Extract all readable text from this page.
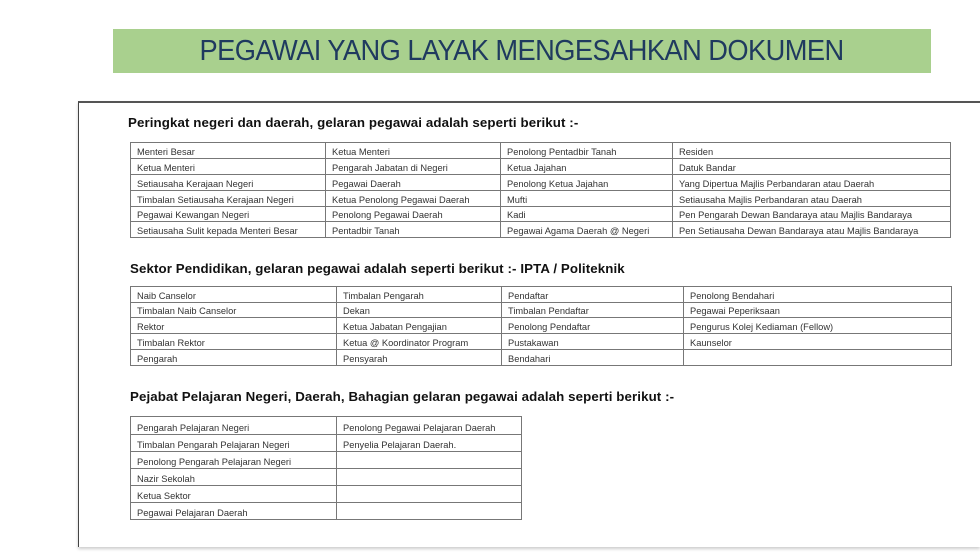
PEGAWAI YANG LAYAK MENGESAHKAN DOKUMEN
Peringkat negeri dan daerah, gelaran pegawai adalah seperti berikut :-
Menteri Besar	Ketua Menteri	Penolong Pentadbir Tanah	Residen
Ketua Menteri	Pengarah Jabatan di Negeri	Ketua Jajahan	Datuk Bandar
Setiausaha Kerajaan Negeri	Pegawai Daerah	Penolong Ketua Jajahan	Yang Dipertua Majlis Perbandaran atau Daerah
Timbalan Setiausaha Kerajaan Negeri	Ketua Penolong Pegawai Daerah	Mufti	Setiausaha Majlis Perbandaran atau Daerah
Pegawai Kewangan Negeri	Penolong Pegawai Daerah	Kadi	Pen Pengarah Dewan Bandaraya atau Majlis Bandaraya
Setiausaha Sulit kepada Menteri Besar	Pentadbir Tanah	Pegawai Agama Daerah @ Negeri	Pen Setiausaha Dewan Bandaraya atau Majlis Bandaraya
Sektor Pendidikan, gelaran pegawai adalah seperti berikut :- IPTA / Politeknik
Naib Canselor	Timbalan Pengarah	Pendaftar	Penolong Bendahari
Timbalan Naib Canselor	Dekan	Timbalan Pendaftar	Pegawai Peperiksaan
Rektor	Ketua Jabatan Pengajian	Penolong Pendaftar	Pengurus Kolej Kediaman (Fellow)
Timbalan Rektor	Ketua @ Koordinator Program	Pustakawan	Kaunselor
Pengarah	Pensyarah	Bendahari	
Pejabat Pelajaran Negeri, Daerah, Bahagian gelaran pegawai adalah seperti berikut :-
Pengarah Pelajaran Negeri	Penolong Pegawai Pelajaran Daerah
Timbalan Pengarah Pelajaran Negeri	Penyelia Pelajaran Daerah.
Penolong Pengarah Pelajaran Negeri	
Nazir Sekolah	
Ketua Sektor	
Pegawai Pelajaran Daerah	
